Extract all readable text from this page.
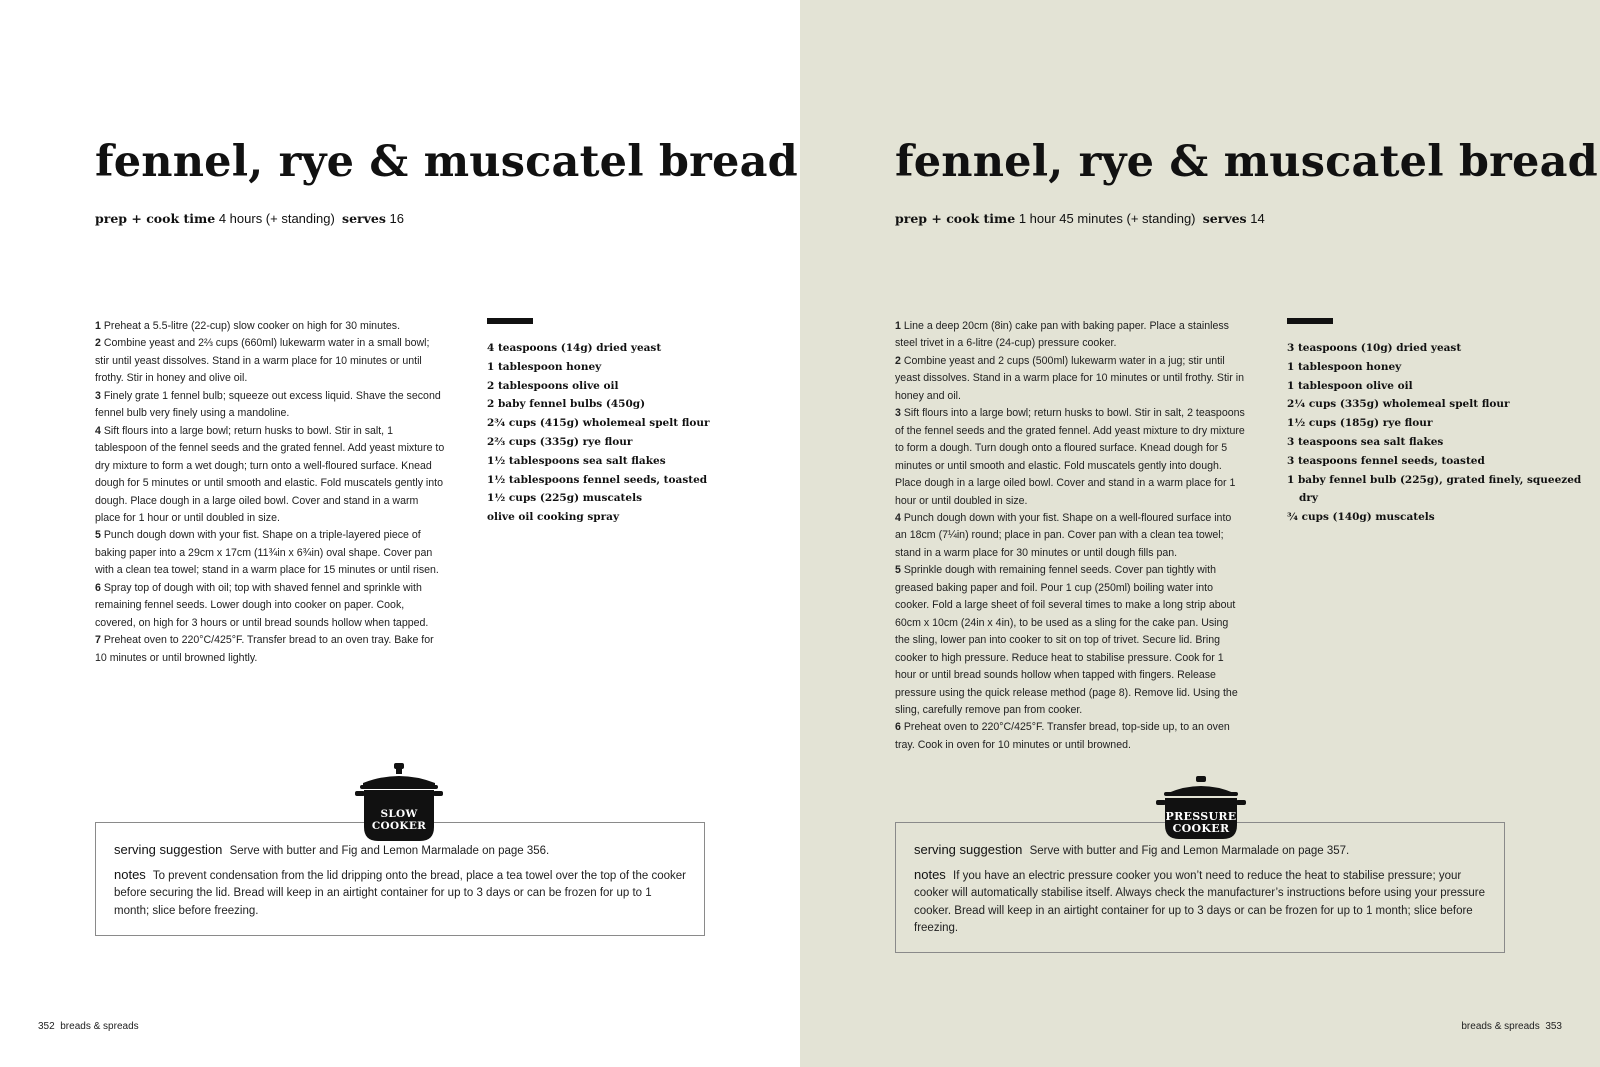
fennel, rye & muscatel bread
prep + cook time 4 hours (+ standing) serves 16

1 Preheat a 5.5-litre (22-cup) slow cooker on high for 30 minutes.

2 Combine yeast and 2⅔ cups (660ml) lukewarm water in a small bowl; stir until yeast dissolves. Stand in a warm place for 10 minutes or until frothy. Stir in honey and olive oil.

3 Finely grate 1 fennel bulb; squeeze out excess liquid. Shave the second fennel bulb very finely using a mandoline.

4 Sift flours into a large bowl; return husks to bowl. Stir in salt, 1 tablespoon of the fennel seeds and the grated fennel. Add yeast mixture to dry mixture to form a wet dough; turn onto a well-floured surface. Knead dough for 5 minutes or until smooth and elastic. Fold muscatels gently into dough. Place dough in a large oiled bowl. Cover and stand in a warm place for 1 hour or until doubled in size.

5 Punch dough down with your fist. Shape on a triple-layered piece of baking paper into a 29cm x 17cm (11¾in x 6¾in) oval shape. Cover pan with a clean tea towel; stand in a warm place for 15 minutes or until risen.

6 Spray top of dough with oil; top with shaved fennel and sprinkle with remaining fennel seeds. Lower dough into cooker on paper. Cook, covered, on high for 3 hours or until bread sounds hollow when tapped.

7 Preheat oven to 220°C/425°F. Transfer bread to an oven tray. Bake for 10 minutes or until browned lightly.

4 teaspoons (14g) dried yeast
1 tablespoon honey
2 tablespoons olive oil
2 baby fennel bulbs (450g)
2¾ cups (415g) wholemeal spelt flour
2⅔ cups (335g) rye flour
1½ tablespoons sea salt flakes
1½ tablespoons fennel seeds, toasted
1½ cups (225g) muscatels
olive oil cooking spray

serving suggestion Serve with butter and Fig and Lemon Marmalade on page 356.

notes To prevent condensation from the lid dripping onto the bread, place a tea towel over the top of the cooker before securing the lid. Bread will keep in an airtight container for up to 3 days or can be frozen for up to 1 month; slice before freezing.

SLOW
COOKER
352 breads & spreads
fennel, rye & muscatel bread
prep + cook time 1 hour 45 minutes (+ standing) serves 14

1 Line a deep 20cm (8in) cake pan with baking paper. Place a stainless steel trivet in a 6-litre (24-cup) pressure cooker.

2 Combine yeast and 2 cups (500ml) lukewarm water in a jug; stir until yeast dissolves. Stand in a warm place for 10 minutes or until frothy. Stir in honey and oil.

3 Sift flours into a large bowl; return husks to bowl. Stir in salt, 2 teaspoons of the fennel seeds and the grated fennel. Add yeast mixture to dry mixture to form a dough. Turn dough onto a floured surface. Knead dough for 5 minutes or until smooth and elastic. Fold muscatels gently into dough. Place dough in a large oiled bowl. Cover and stand in a warm place for 1 hour or until doubled in size.

4 Punch dough down with your fist. Shape on a well-floured surface into an 18cm (7¼in) round; place in pan. Cover pan with a clean tea towel; stand in a warm place for 30 minutes or until dough fills pan.

5 Sprinkle dough with remaining fennel seeds. Cover pan tightly with greased baking paper and foil. Pour 1 cup (250ml) boiling water into cooker. Fold a large sheet of foil several times to make a long strip about 60cm x 10cm (24in x 4in), to be used as a sling for the cake pan. Using the sling, lower pan into cooker to sit on top of trivet. Secure lid. Bring cooker to high pressure. Reduce heat to stabilise pressure. Cook for 1 hour or until bread sounds hollow when tapped with fingers. Release pressure using the quick release method (page 8). Remove lid. Using the sling, carefully remove pan from cooker.

6 Preheat oven to 220°C/425°F. Transfer bread, top-side up, to an oven tray. Cook in oven for 10 minutes or until browned.

3 teaspoons (10g) dried yeast
1 tablespoon honey
1 tablespoon olive oil
2¼ cups (335g) wholemeal spelt flour
1½ cups (185g) rye flour
3 teaspoons sea salt flakes
3 teaspoons fennel seeds, toasted
1 baby fennel bulb (225g), grated finely, squeezed dry
¾ cups (140g) muscatels

serving suggestion Serve with butter and Fig and Lemon Marmalade on page 357.

notes If you have an electric pressure cooker you won’t need to reduce the heat to stabilise pressure; your cooker will automatically stabilise itself. Always check the manufacturer’s instructions before using your pressure cooker. Bread will keep in an airtight container for up to 3 days or can be frozen for up to 1 month; slice before freezing.

PRESSURE
COOKER
breads & spreads 353
